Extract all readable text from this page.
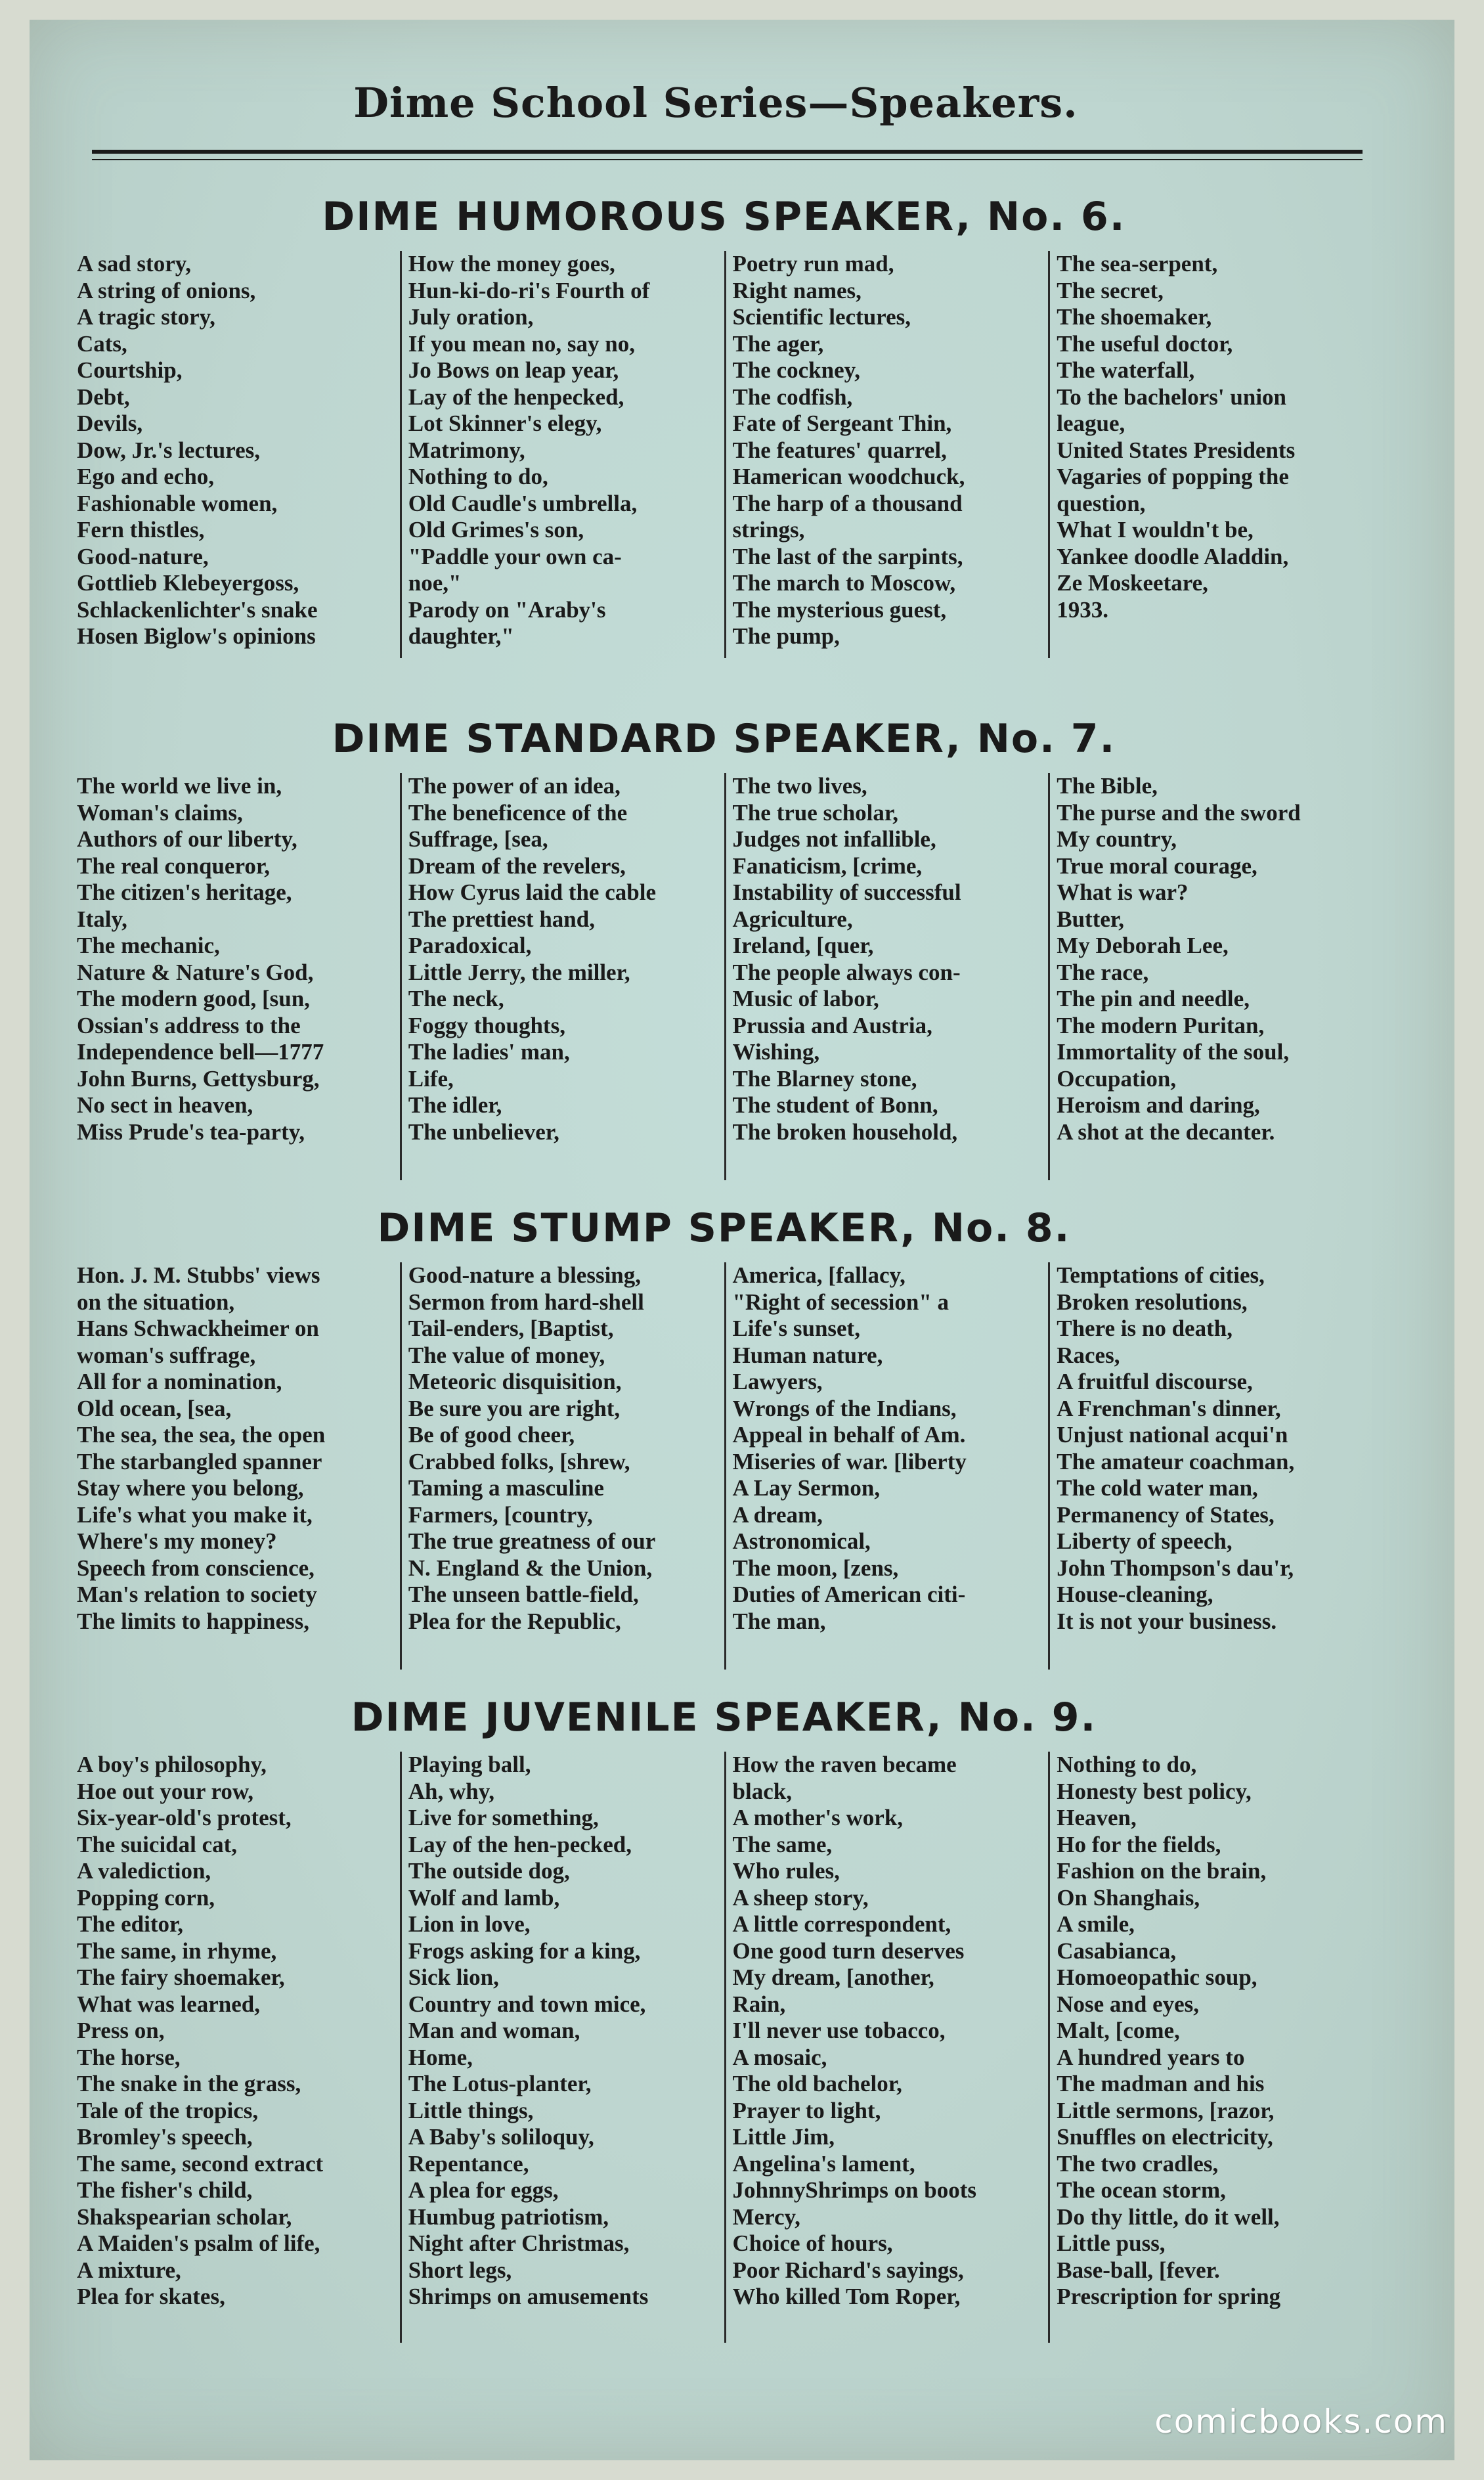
Dime School Series—Speakers.
DIME HUMOROUS SPEAKER, No. 6.
A sad story,
A string of onions,
A tragic story,
Cats,
Courtship,
Debt,
Devils,
Dow, Jr.'s lectures,
Ego and echo,
Fashionable women,
Fern thistles,
Good-nature,
Gottlieb Klebeyergoss,
Schlackenlichter's snake
Hosen Biglow's opinions
How the money goes,
Hun-ki-do-ri's Fourth of
July oration,
If you mean no, say no,
Jo Bows on leap year,
Lay of the henpecked,
Lot Skinner's elegy,
Matrimony,
Nothing to do,
Old Caudle's umbrella,
Old Grimes's son,
"Paddle your own ca-
noe,"
Parody on "Araby's
daughter,"
Poetry run mad,
Right names,
Scientific lectures,
The ager,
The cockney,
The codfish,
Fate of Sergeant Thin,
The features' quarrel,
Hamerican woodchuck,
The harp of a thousand
strings,
The last of the sarpints,
The march to Moscow,
The mysterious guest,
The pump,
The sea-serpent,
The secret,
The shoemaker,
The useful doctor,
The waterfall,
To the bachelors' union
league,
United States Presidents
Vagaries of popping the
question,
What I wouldn't be,
Yankee doodle Aladdin,
Ze Moskeetare,
1933.
DIME STANDARD SPEAKER, No. 7.
The world we live in,
Woman's claims,
Authors of our liberty,
The real conqueror,
The citizen's heritage,
Italy,
The mechanic,
Nature & Nature's God,
The modern good, [sun,
Ossian's address to the
Independence bell—1777
John Burns, Gettysburg,
No sect in heaven,
Miss Prude's tea-party,
The power of an idea,
The beneficence of the
Suffrage, [sea,
Dream of the revelers,
How Cyrus laid the cable
The prettiest hand,
Paradoxical,
Little Jerry, the miller,
The neck,
Foggy thoughts,
The ladies' man,
Life,
The idler,
The unbeliever,
The two lives,
The true scholar,
Judges not infallible,
Fanaticism, [crime,
Instability of successful
Agriculture,
Ireland, [quer,
The people always con-
Music of labor,
Prussia and Austria,
Wishing,
The Blarney stone,
The student of Bonn,
The broken household,
The Bible,
The purse and the sword
My country,
True moral courage,
What is war?
Butter,
My Deborah Lee,
The race,
The pin and needle,
The modern Puritan,
Immortality of the soul,
Occupation,
Heroism and daring,
A shot at the decanter.
DIME STUMP SPEAKER, No. 8.
Hon. J. M. Stubbs' views
on the situation,
Hans Schwackheimer on
woman's suffrage,
All for a nomination,
Old ocean, [sea,
The sea, the sea, the open
The starbangled spanner
Stay where you belong,
Life's what you make it,
Where's my money?
Speech from conscience,
Man's relation to society
The limits to happiness,
Good-nature a blessing,
Sermon from hard-shell
Tail-enders, [Baptist,
The value of money,
Meteoric disquisition,
Be sure you are right,
Be of good cheer,
Crabbed folks, [shrew,
Taming a masculine
Farmers, [country,
The true greatness of our
N. England & the Union,
The unseen battle-field,
Plea for the Republic,
America, [fallacy,
"Right of secession" a
Life's sunset,
Human nature,
Lawyers,
Wrongs of the Indians,
Appeal in behalf of Am.
Miseries of war. [liberty
A Lay Sermon,
A dream,
Astronomical,
The moon, [zens,
Duties of American citi-
The man,
Temptations of cities,
Broken resolutions,
There is no death,
Races,
A fruitful discourse,
A Frenchman's dinner,
Unjust national acqui'n
The amateur coachman,
The cold water man,
Permanency of States,
Liberty of speech,
John Thompson's dau'r,
House-cleaning,
It is not your business.
DIME JUVENILE SPEAKER, No. 9.
A boy's philosophy,
Hoe out your row,
Six-year-old's protest,
The suicidal cat,
A valediction,
Popping corn,
The editor,
The same, in rhyme,
The fairy shoemaker,
What was learned,
Press on,
The horse,
The snake in the grass,
Tale of the tropics,
Bromley's speech,
The same, second extract
The fisher's child,
Shakspearian scholar,
A Maiden's psalm of life,
A mixture,
Plea for skates,
Playing ball,
Ah, why,
Live for something,
Lay of the hen-pecked,
The outside dog,
Wolf and lamb,
Lion in love,
Frogs asking for a king,
Sick lion,
Country and town mice,
Man and woman,
Home,
The Lotus-planter,
Little things,
A Baby's soliloquy,
Repentance,
A plea for eggs,
Humbug patriotism,
Night after Christmas,
Short legs,
Shrimps on amusements
How the raven became
black,
A mother's work,
The same,
Who rules,
A sheep story,
A little correspondent,
One good turn deserves
My dream, [another,
Rain,
I'll never use tobacco,
A mosaic,
The old bachelor,
Prayer to light,
Little Jim,
Angelina's lament,
JohnnyShrimps on boots
Mercy,
Choice of hours,
Poor Richard's sayings,
Who killed Tom Roper,
Nothing to do,
Honesty best policy,
Heaven,
Ho for the fields,
Fashion on the brain,
On Shanghais,
A smile,
Casabianca,
Homoeopathic soup,
Nose and eyes,
Malt, [come,
A hundred years to
The madman and his
Little sermons, [razor,
Snuffles on electricity,
The two cradles,
The ocean storm,
Do thy little, do it well,
Little puss,
Base-ball, [fever.
Prescription for spring
comicbooks.com
